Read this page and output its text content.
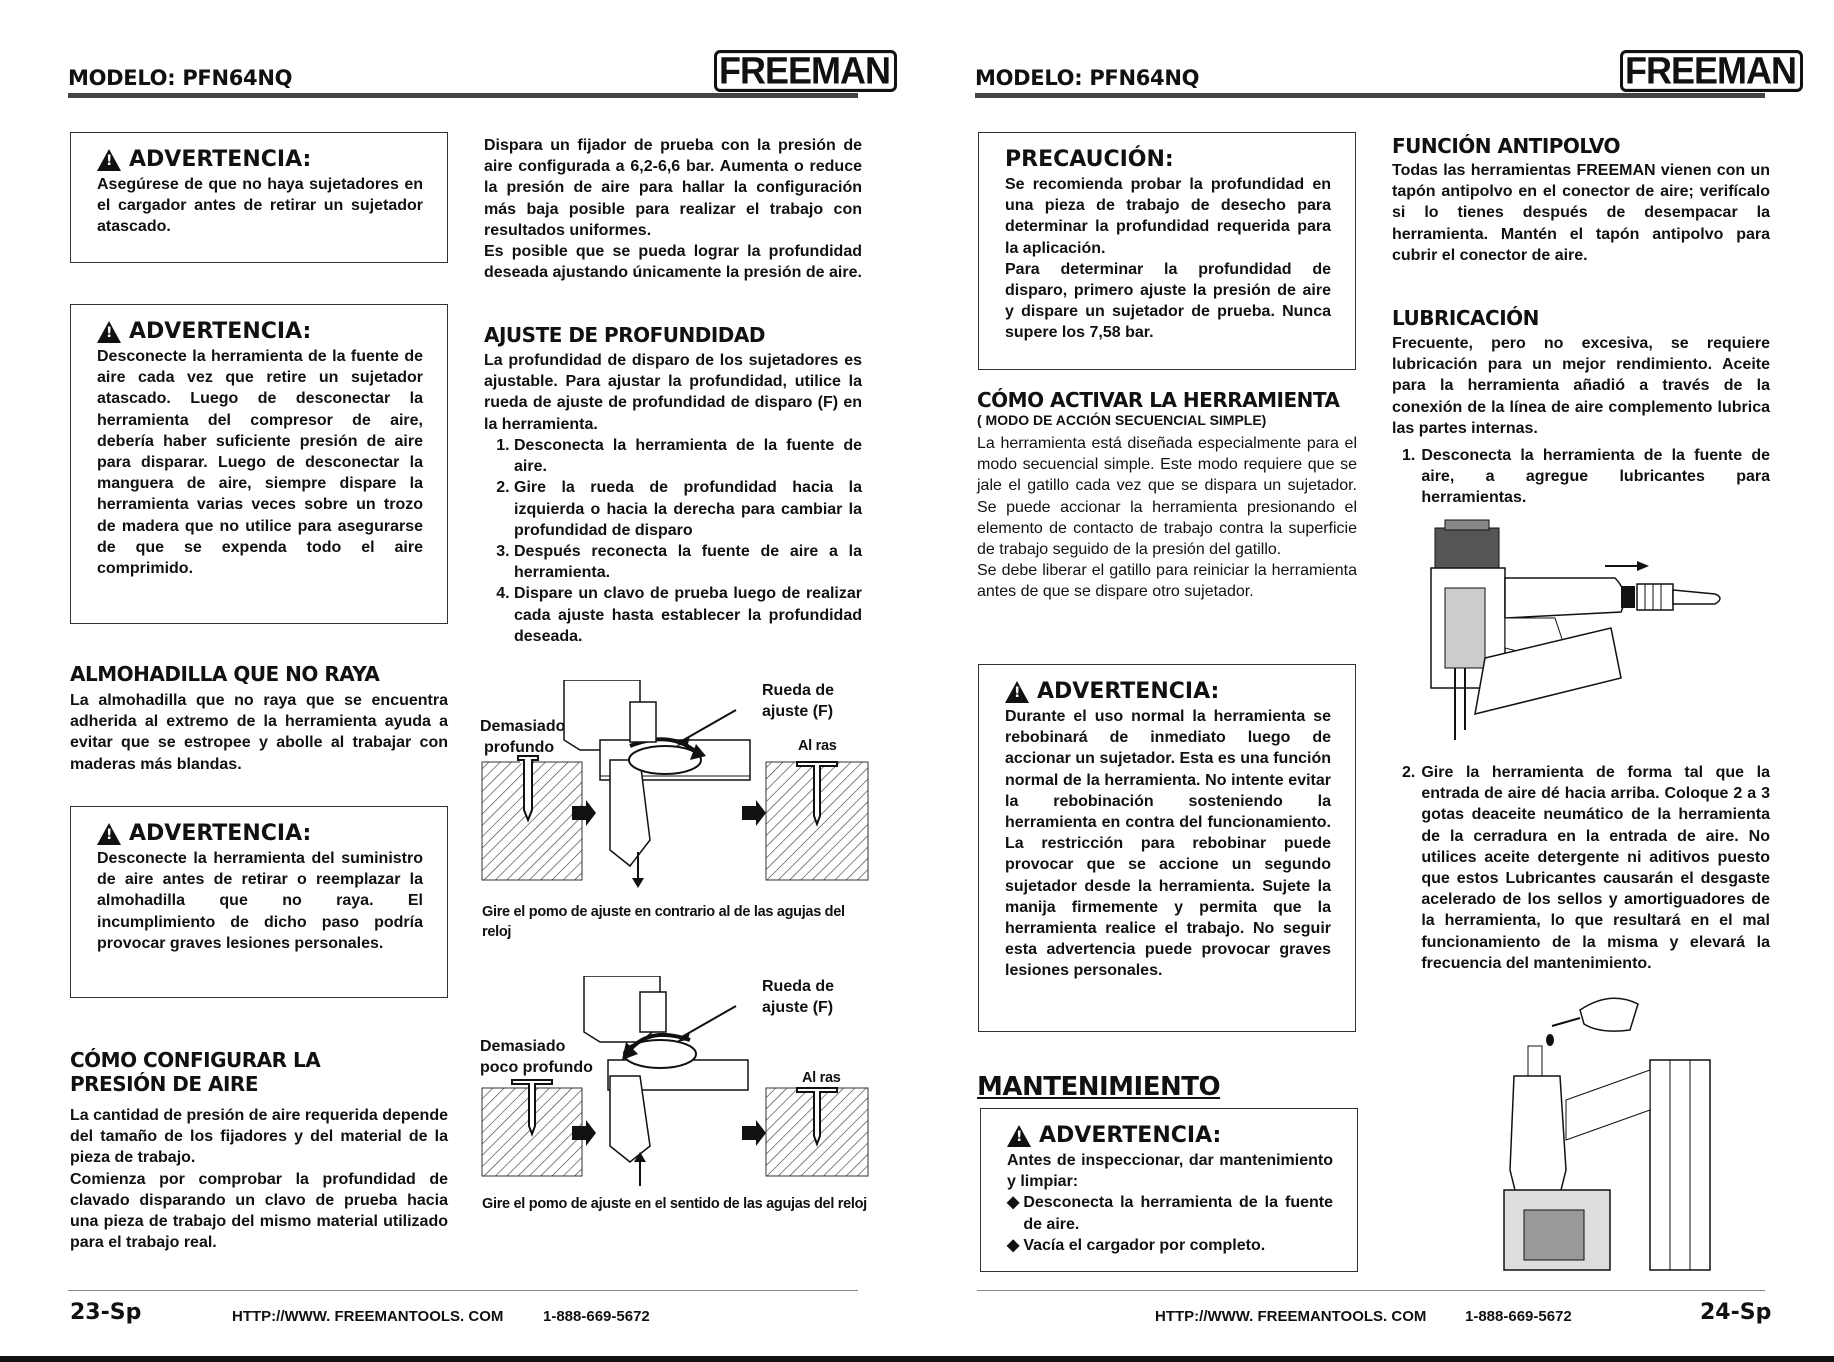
MODELO: PFN64NQ	FREEMAN
!
ADVERTENCIA:
Asegúrese de que no haya sujetadores en el cargador antes de retirar un sujetador atascado.
!
ADVERTENCIA:
Desconecte la herramienta de la fuente de aire cada vez que retire un sujetador atascado. Luego de desconectar la herramienta del compresor de aire, debería haber suficiente presión de aire para disparar. Luego de desconectar la manguera de aire, siempre dispare la herramienta varias veces sobre un trozo de madera que no utilice para asegurarse de que se expenda todo el aire comprimido.
ALMOHADILLA QUE NO RAYA
La almohadilla que no raya que se encuentra adherida al extremo de la herramienta ayuda a evitar que se estropee y abolle al trabajar con maderas más blandas.
!
ADVERTENCIA:
Desconecte la herramienta del suministro de aire antes de retirar o reemplazar la almohadilla que no raya. El incumplimiento de dicho paso podría provocar graves lesiones personales.
CÓMO CONFIGURAR LA
PRESIÓN DE AIRE
La cantidad de presión de aire requerida depende del tamaño de los fijadores y del material de la pieza de trabajo.
Comienza por comprobar la profundidad de clavado disparando un clavo de prueba hacia una pieza de trabajo del mismo material utilizado para el trabajo real.
Dispara un fijador de prueba con la presión de aire configurada a 6,2-6,6 bar. Aumenta o reduce la presión de aire para hallar la configuración más baja posible para realizar el trabajo con resultados uniformes.
Es posible que se pueda lograr la profundidad deseada ajustando únicamente la presión de aire.
AJUSTE DE PROFUNDIDAD
La profundidad de disparo de los sujetadores es ajustable. Para ajustar la profundidad, utilice la rueda de ajuste de profundidad de disparo (F) en la herramienta.
1. Desconecta la herramienta de la fuente de aire.
2. Gire la rueda de profundidad hacia la izquierda o hacia la derecha para cambiar la profundidad de disparo
3. Después reconecta la fuente de aire a la herramienta.
4. Dispare un clavo de prueba luego de realizar cada ajuste hasta establecer la profundidad deseada.
Demasiado
profundo
Rueda de
ajuste (F)
Al ras
Gire el pomo de ajuste en contrario al de las agujas del reloj
Demasiado
poco profundo
Rueda de
ajuste (F)
Al ras
Gire el pomo de ajuste en el sentido de las agujas del reloj
23-Sp	HTTP://WWW. FREEMANTOOLS. COM	1-888-669-5672
MODELO: PFN64NQ	FREEMAN
PRECAUCIÓN:
Se recomienda probar la profundidad en una pieza de trabajo de desecho para determinar la profundidad requerida para la aplicación.
Para determinar la profundidad de disparo, primero ajuste la presión de aire y dispare un sujetador de prueba. Nunca supere los 7,58 bar.
CÓMO ACTIVAR LA HERRAMIENTA
( MODO DE ACCIÓN SECUENCIAL SIMPLE)
La herramienta está diseñada especialmente para el modo secuencial simple. Este modo requiere que se jale el gatillo cada vez que se dispara un sujetador. Se puede accionar la herramienta presionando el elemento de contacto de trabajo contra la superficie de trabajo seguido de la presión del gatillo.
Se debe liberar el gatillo para reiniciar la herramienta antes de que se dispare otro sujetador.
!
ADVERTENCIA:
Durante el uso normal la herramienta se rebobinará de inmediato luego de accionar un sujetador. Esta es una función normal de la herramienta. No intente evitar la rebobinación sosteniendo la herramienta en contra del funcionamiento. La restricción para rebobinar puede provocar que se accione un segundo sujetador desde la herramienta. Sujete la manija firmemente y permita que la herramienta realice el trabajo. No seguir esta advertencia puede provocar graves lesiones personales.
MANTENIMIENTO
!
ADVERTENCIA:
Antes de inspeccionar, dar mantenimiento y limpiar:
◆ Desconecta la herramienta de la fuente de aire.
◆ Vacía el cargador por completo.
FUNCIÓN ANTIPOLVO
Todas las herramientas FREEMAN vienen con un tapón antipolvo en el conector de aire; verifícalo si lo tienes después de desempacar la herramienta. Mantén el tapón antipolvo para cubrir el conector de aire.
LUBRICACIÓN
Frecuente, pero no excesiva, se requiere lubricación para un mejor rendimiento. Aceite para la herramienta añadió a través de la conexión de la línea de aire complemento lubrica las partes internas.
1. Desconecta la herramienta de la fuente de aire, a agregue lubricantes para herramientas.
2. Gire la herramienta de forma tal que la entrada de aire dé hacia arriba. Coloque 2 a 3 gotas deaceite neumático de la herramienta de la cerradura en la entrada de aire. No utilices aceite detergente ni aditivos puesto que estos Lubricantes causarán el desgaste acelerado de los sellos y amortiguadores de la herramienta, lo que resultará en el mal funcionamiento de la misma y elevará la frecuencia del mantenimiento.
HTTP://WWW. FREEMANTOOLS. COM	1-888-669-5672	24-Sp
